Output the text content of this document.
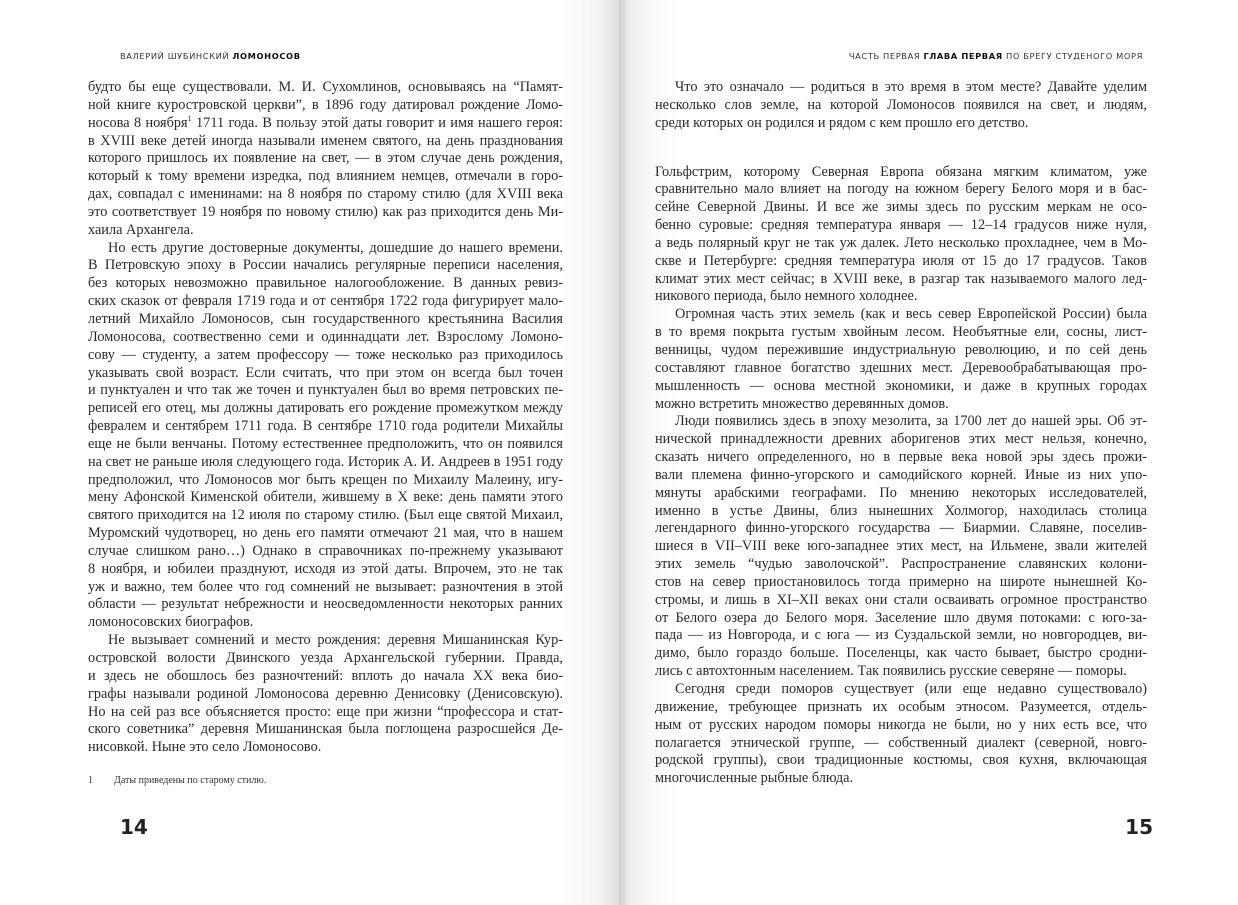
ВАЛЕРИЙ ШУБИНСКИЙ ЛОМОНОСОВ
будто бы еще существовали. М. И. Сухомлинов, основываясь на “Памят-
ной книге куростровской церкви”, в 1896 году датировал рождение Ломо-
носова 8 ноября$^1$ 1711 года. В пользу этой даты говорит и имя нашего героя:
в XVIII веке детей иногда называли именем святого, на день празднования
которого пришлось их появление на свет, — в этом случае день рождения,
который к тому времени изредка, под влиянием немцев, отмечали в горо-
дах, совпадал с именинами: на 8 ноября по старому стилю (для XVIII века
это соответствует 19 ноября по новому стилю) как раз приходится день Ми-
хаила Архангела.
Но есть другие достоверные документы, дошедшие до нашего времени.
В Петровскую эпоху в России начались регулярные переписи населения,
без которых невозможно правильное налогообложение. В данных ревиз-
ских сказок от февраля 1719 года и от сентября 1722 года фигурирует мало-
летний Михайло Ломоносов, сын государственного крестьянина Василия
Ломоносова, соотвественно семи и одиннадцати лет. Взрослому Ломоно-
сову — студенту, а затем профессору — тоже несколько раз приходилось
указывать свой возраст. Если считать, что при этом он всегда был точен
и пунктуален и что так же точен и пунктуален был во время петровских пе-
реписей его отец, мы должны датировать его рождение промежутком между
февралем и сентябрем 1711 года. В сентябре 1710 года родители Михайлы
еще не были венчаны. Потому естественнее предположить, что он появился
на свет не раньше июля следующего года. Историк А. И. Андреев в 1951 году
предположил, что Ломоносов мог быть крещен по Михаилу Малеину, игу-
мену Афонской Кименской обители, жившему в X веке: день памяти этого
святого приходится на 12 июля по старому стилю. (Был еще святой Михаил,
Муромский чудотворец, но день его памяти отмечают 21 мая, что в нашем
случае слишком рано…) Однако в справочниках по-прежнему указывают
8 ноября, и юбилеи празднуют, исходя из этой даты. Впрочем, это не так
уж и важно, тем более что год сомнений не вызывает: разночтения в этой
области — результат небрежности и неосведомленности некоторых ранних
ломоносовских биографов.
Не вызывает сомнений и место рождения: деревня Мишанинская Кур-
островской волости Двинского уезда Архангельской губернии. Правда,
и здесь не обошлось без разночтений: вплоть до начала XX века био-
графы называли родиной Ломоносова деревню Денисовку (Денисовскую).
Но на сей раз все объясняется просто: еще при жизни “профессора и стат-
ского советника” деревня Мишанинская была поглощена разросшейся Де-
нисовкой. Ныне это село Ломоносово.
1 Даты приведены по старому стилю.
14
ЧАСТЬ ПЕРВАЯ ГЛАВА ПЕРВАЯ ПО БРЕГУ СТУДЕНОГО МОРЯ
Что это означало — родиться в это время в этом месте? Давайте уделим
несколько слов земле, на которой Ломоносов появился на свет, и людям,
среди которых он родился и рядом с кем прошло его детство.
Гольфстрим, которому Северная Европа обязана мягким климатом, уже
сравнительно мало влияет на погоду на южном берегу Белого моря и в бас-
сейне Северной Двины. И все же зимы здесь по русским меркам не осо-
бенно суровые: средняя температура января — 12–14 градусов ниже нуля,
а ведь полярный круг не так уж далек. Лето несколько прохладнее, чем в Мо-
скве и Петербурге: средняя температура июля от 15 до 17 градусов. Таков
климат этих мест сейчас; в XVIII веке, в разгар так называемого малого лед-
никового периода, было немного холоднее.
Огромная часть этих земель (как и весь север Европейской России) была
в то время покрыта густым хвойным лесом. Необъятные ели, сосны, лист-
венницы, чудом пережившие индустриальную революцию, и по сей день
составляют главное богатство здешних мест. Деревообрабатывающая про-
мышленность — основа местной экономики, и даже в крупных городах
можно встретить множество деревянных домов.
Люди появились здесь в эпоху мезолита, за 1700 лет до нашей эры. Об эт-
нической принадлежности древних аборигенов этих мест нельзя, конечно,
сказать ничего определенного, но в первые века новой эры здесь прожи-
вали племена финно-угорского и самодийского корней. Иные из них упо-
мянуты арабскими географами. По мнению некоторых исследователей,
именно в устье Двины, близ нынешних Холмогор, находилась столица
легендарного финно-угорского государства — Биармии. Славяне, поселив-
шиеся в VII–VIII веке юго-западнее этих мест, на Ильмене, звали жителей
этих земель “чудью заволочской”. Распространение славянских колони-
стов на север приостановилось тогда примерно на широте нынешней Ко-
стромы, и лишь в XI–XII веках они стали осваивать огромное пространство
от Белого озера до Белого моря. Заселение шло двумя потоками: с юго-за-
пада — из Новгорода, и с юга — из Суздальской земли, но новгородцев, ви-
димо, было гораздо больше. Поселенцы, как часто бывает, быстро сродни-
лись с автохтонным населением. Так появились русские северяне — поморы.
Сегодня среди поморов существует (или еще недавно существовало)
движение, требующее признать их особым этносом. Разумеется, отдель-
ным от русских народом поморы никогда не были, но у них есть все, что
полагается этнической группе, — собственный диалект (северной, новго-
родской группы), свои традиционные костюмы, своя кухня, включающая
многочисленные рыбные блюда.
15
